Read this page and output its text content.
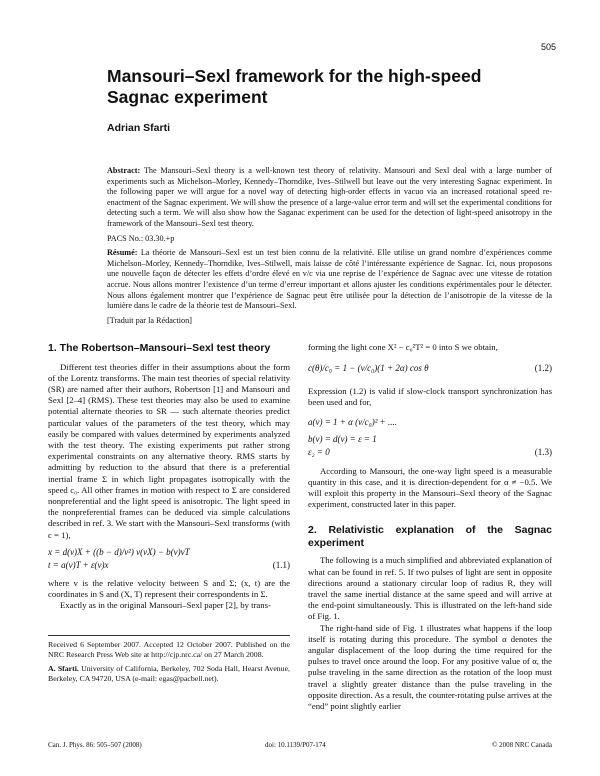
505
Mansouri–Sexl framework for the high-speed Sagnac experiment
Adrian Sfarti

Abstract: The Mansouri–Sexl theory is a well-known test theory of relativity. Mansouri and Sexl deal with a large number of experiments such as Michelson–Morley, Kennedy–Thorndike, Ives–Stilwell but leave out the very interesting Sagnac experiment. In the following paper we will argue for a novel way of detecting high-order effects in vacuo via an increased rotational speed re-enactment of the Sagnac experiment. We will show the presence of a large-value error term and will set the experimental conditions for detecting such a term. We will also show how the Saganac experiment can be used for the detection of light-speed anisotropy in the framework of the Mansouri–Sexl test theory.

PACS No.: 03.30.+p

Résumé: La théorie de Mansouri–Sexl est un test bien connu de la relativité. Elle utilise un grand nombre d’expériences comme Michelson–Morley, Kennedy–Thorndike, Ives–Stilwell, mais laisse de côté l’intéressante expérience de Sagnac. Ici, nous proposons une nouvelle façon de détecter les effets d’ordre élevé en v/c via une reprise de l’expérience de Sagnac avec une vitesse de rotation accrue. Nous allons montrer l’existence d’un terme d’erreur important et allons ajuster les conditions expérimentales pour le détecter. Nous allons également montrer que l’expérience de Sagnac peut être utilisée pour la détection de l’anisotropie de la vitesse de la lumière dans le cadre de la théorie test de Mansouri–Sexl.

[Traduit par la Rédaction]

1. The Robertson–Mansouri–Sexl test theory

Different test theories differ in their assumptions about the form of the Lorentz transforms. The main test theories of special relativity (SR) are named after their authors, Robertson [1] and Mansouri and Sexl [2–4] (RMS). These test theories may also be used to examine potential alternate theories to SR — such alternate theories predict particular values of the parameters of the test theory, which may easily be compared with values determined by experiments analyzed with the test theory. The existing experiments put rather strong experimental constraints on any alternative theory. RMS starts by admitting by reduction to the absurd that there is a preferential inertial frame Σ in which light propagates isotropically with the speed c₀. All other frames in motion with respect to Σ are considered nonpreferential and the light speed is anisotropic. The light speed in the nonpreferential frames can be deduced via simple calculations described in ref. 3. We start with the Mansouri–Sexl transforms (with c = 1),

x = d(v)X + ((b − d)/v²) v(vX) − b(v)vT
t = a(v)T + ε(v)x	(1.1)

where v is the relative velocity between S and Σ; (x, t) are the coordinates in S and (X, T) represent their correspondents in Σ.

Exactly as in the original Mansouri–Sexl paper [2], by trans-

Received 6 September 2007. Accepted 12 October 2007. Published on the NRC Research Press Web site at http://cjp.nrc.ca/ on 27 March 2008.

A. Sfarti. University of California, Berkeley, 702 Soda Hall, Hearst Avenue, Berkeley, CA 94720, USA (e-mail: egas@pacbell.net).

forming the light cone X² − c₀²T² = 0 into S we obtain,

c(θ)/c₀ = 1 − (v/c₀)(1 + 2α) cos θ	(1.2)

Expression (1.2) is valid if slow-clock transport synchronization has been used and for,

a(v) = 1 + α (v/c₀)² + ....
b(v) = d(v) = ε = 1
ε₂ = 0	(1.3)

According to Mansouri, the one-way light speed is a measurable quantity in this case, and it is direction-dependent for α ≠ −0.5. We will exploit this property in the Mansouri–Sexl theory of the Sagnac experiment, constructed later in this paper.

2. Relativistic explanation of the Sagnac experiment

The following is a much simplified and abbreviated explanation of what can be found in ref. 5. If two pulses of light are sent in opposite directions around a stationary circular loop of radius R, they will travel the same inertial distance at the same speed and will arrive at the end-point simultaneously. This is illustrated on the left-hand side of Fig. 1.

The right-hand side of Fig. 1 illustrates what happens if the loop itself is rotating during this procedure. The symbol α denotes the angular displacement of the loop during the time required for the pulses to travel once around the loop. For any positive value of α, the pulse traveling in the same direction as the rotation of the loop must travel a slightly greater distance than the pulse traveling in the opposite direction. As a result, the counter-rotating pulse arrives at the “end” point slightly earlier

Can. J. Phys. 86: 505–507 (2008)	doi: 10.1139/P07-174	© 2008 NRC Canada
